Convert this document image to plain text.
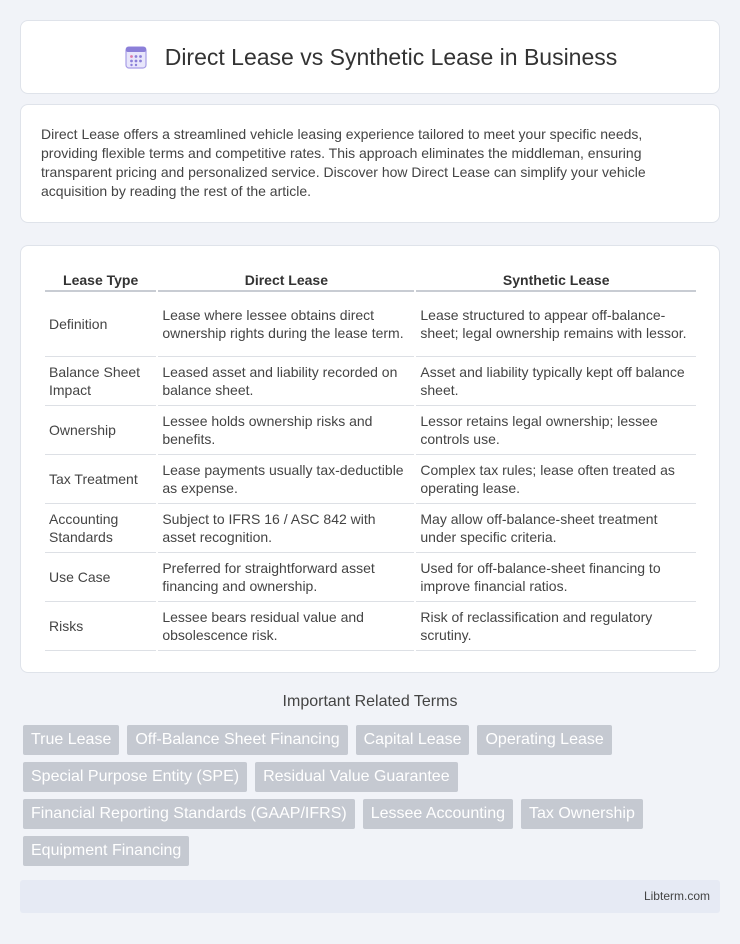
Direct Lease vs Synthetic Lease in Business

Direct Lease offers a streamlined vehicle leasing experience tailored to meet your specific needs, providing flexible terms and competitive rates. This approach eliminates the middleman, ensuring transparent pricing and personalized service. Discover how Direct Lease can simplify your vehicle acquisition by reading the rest of the article.

Lease Type	Direct Lease	Synthetic Lease
Definition	Lease where lessee obtains direct ownership rights during the lease term.	Lease structured to appear off-balance-sheet; legal ownership remains with lessor.
Balance Sheet Impact	Leased asset and liability recorded on balance sheet.	Asset and liability typically kept off balance sheet.
Ownership	Lessee holds ownership risks and benefits.	Lessor retains legal ownership; lessee controls use.
Tax Treatment	Lease payments usually tax-deductible as expense.	Complex tax rules; lease often treated as operating lease.
Accounting Standards	Subject to IFRS 16 / ASC 842 with asset recognition.	May allow off-balance-sheet treatment under specific criteria.
Use Case	Preferred for straightforward asset financing and ownership.	Used for off-balance-sheet financing to improve financial ratios.
Risks	Lessee bears residual value and obsolescence risk.	Risk of reclassification and regulatory scrutiny.
Important Related Terms
True Lease	Off-Balance Sheet Financing	Capital Lease	Operating Lease
Special Purpose Entity (SPE)	Residual Value Guarantee
Financial Reporting Standards (GAAP/IFRS)	Lessee Accounting	Tax Ownership
Equipment Financing
Libterm.com
